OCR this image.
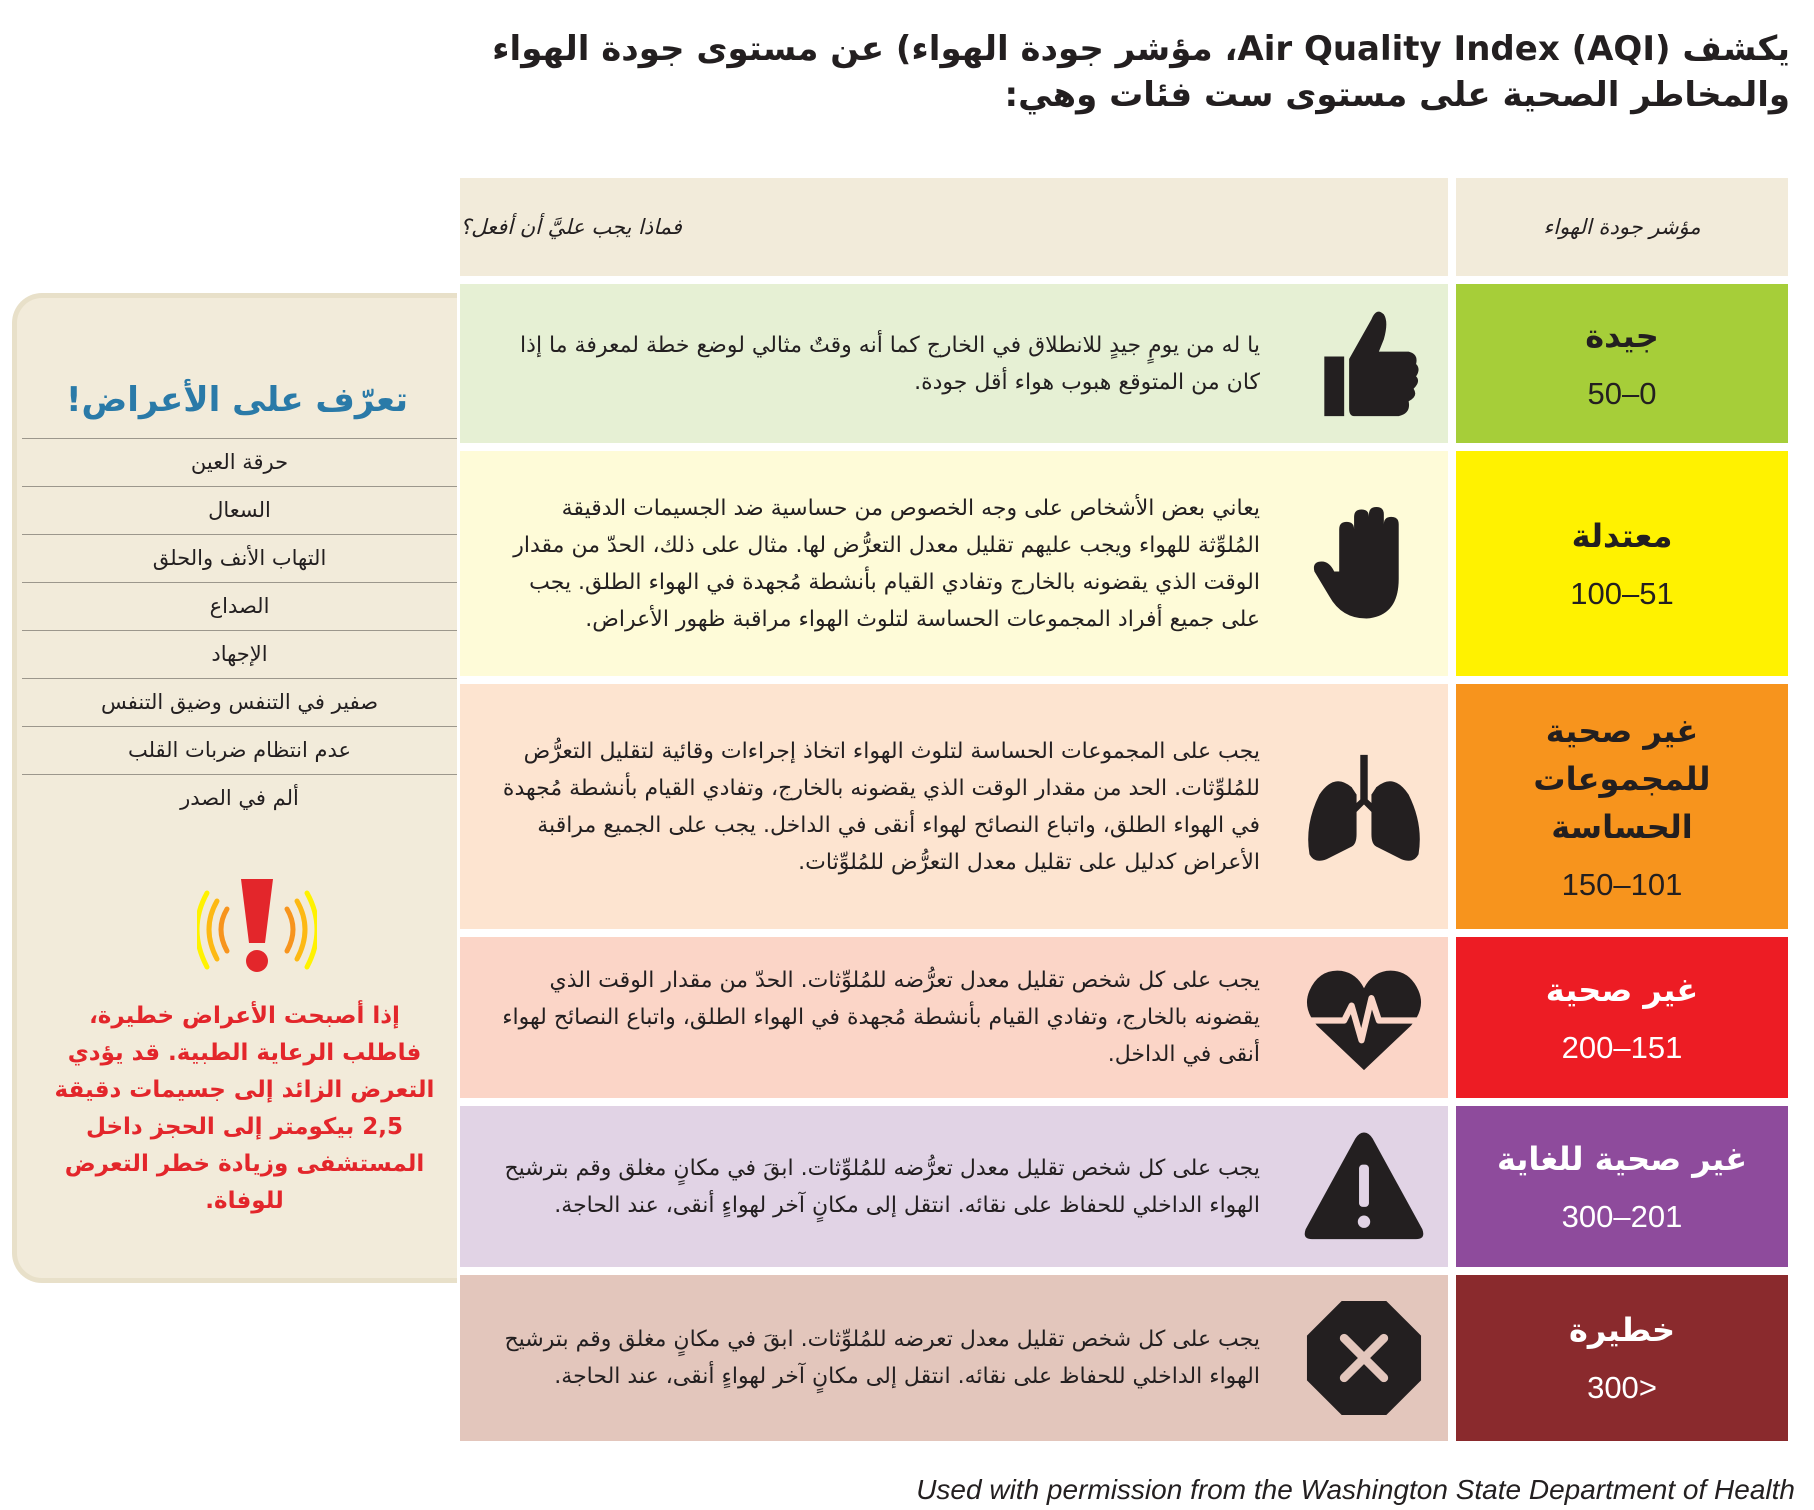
يكشف Air Quality Index (AQI)، مؤشر جودة الهواء) عن مستوى جودة الهواء والمخاطر الصحية على مستوى ست فئات وهي:
فماذا يجب عليَّ أن أفعل؟	مؤشر جودة الهواء
يا له من يومٍ جيدٍ للانطلاق في الخارج كما أنه وقتٌ مثالي لوضع خطة لمعرفة ما إذا كان من المتوقع هبوب هواء أقل جودة.
جيدة
0–50
يعاني بعض الأشخاص على وجه الخصوص من حساسية ضد الجسيمات الدقيقة المُلوِّثة للهواء ويجب عليهم تقليل معدل التعرُّض لها. مثال على ذلك، الحدّ من مقدار الوقت الذي يقضونه بالخارج وتفادي القيام بأنشطة مُجهدة في الهواء الطلق. يجب على جميع أفراد المجموعات الحساسة لتلوث الهواء مراقبة ظهور الأعراض.
معتدلة
51–100
يجب على المجموعات الحساسة لتلوث الهواء اتخاذ إجراءات وقائية لتقليل التعرُّض للمُلوِّثات. الحد من مقدار الوقت الذي يقضونه بالخارج، وتفادي القيام بأنشطة مُجهدة في الهواء الطلق، واتباع النصائح لهواء أنقى في الداخل. يجب على الجميع مراقبة الأعراض كدليل على تقليل معدل التعرُّض للمُلوِّثات.
غير صحية للمجموعات الحساسة
101–150
يجب على كل شخص تقليل معدل تعرُّضه للمُلوِّثات. الحدّ من مقدار الوقت الذي يقضونه بالخارج، وتفادي القيام بأنشطة مُجهدة في الهواء الطلق، واتباع النصائح لهواء أنقى في الداخل.
غير صحية
151–200
يجب على كل شخص تقليل معدل تعرُّضه للمُلوِّثات. ابقَ في مكانٍ مغلق وقم بترشيح الهواء الداخلي للحفاظ على نقائه. انتقل إلى مكانٍ آخر لهواءٍ أنقى، عند الحاجة.
غير صحية للغاية
201–300
يجب على كل شخص تقليل معدل تعرضه للمُلوِّثات. ابقَ في مكانٍ مغلق وقم بترشيح الهواء الداخلي للحفاظ على نقائه. انتقل إلى مكانٍ آخر لهواءٍ أنقى، عند الحاجة.
خطيرة
<300
تعرّف على الأعراض!
حرقة العين
السعال
التهاب الأنف والحلق
الصداع
الإجهاد
صفير في التنفس وضيق التنفس
عدم انتظام ضربات القلب
ألم في الصدر
إذا أصبحت الأعراض خطيرة، فاطلب الرعاية الطبية. قد يؤدي التعرض الزائد إلى جسيمات دقيقة 2,5 بيكومتر إلى الحجز داخل المستشفى وزيادة خطر التعرض للوفاة.
Used with permission from the Washington State Department of Health
